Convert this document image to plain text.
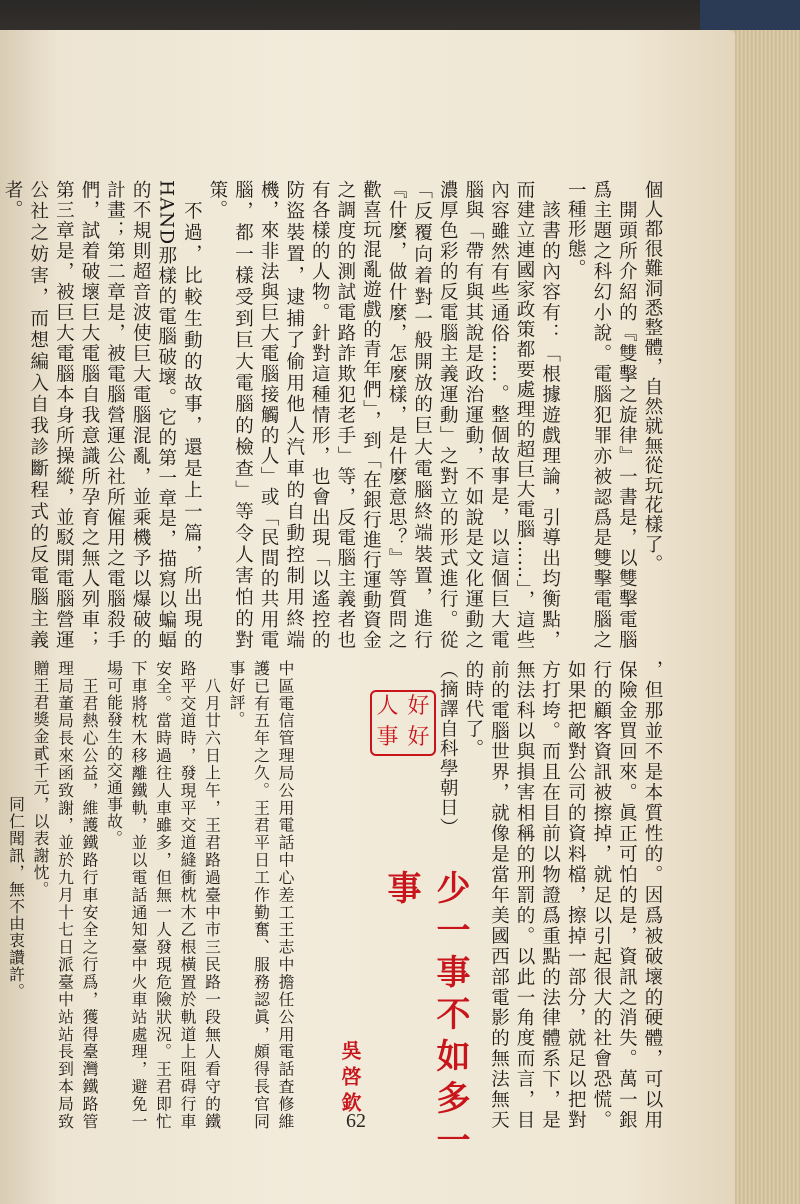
個人都很難洞悉整體，自然就無從玩花樣了。
　開頭所介紹的『雙擊之旋律』一書是，以雙擊電腦爲主題之科幻小說。電腦犯罪亦被認爲是雙擊電腦之一種形態。
　該書的內容有：「根據遊戲理論，引導出均衡點，而建立連國家政策都要處理的超巨大電腦……」，這些內容雖然有些通俗……。整個故事是，以這個巨大電腦與「帶有與其說是政治運動，不如說是文化運動之濃厚色彩的反電腦主義運動」之對立的形式進行。從「反覆向着對一般開放的巨大電腦終端裝置，進行『什麼，做什麼，怎麼樣，是什麼意思？』等質問之歡喜玩混亂遊戲的青年們」，到「在銀行進行運動資金之調度的測試電路詐欺犯老手」等，反電腦主義者也有各樣的人物。針對這種情形，也會出現「以遙控的防盜裝置，逮捕了偷用他人汽車的自動控制用終端機，來非法與巨大電腦接觸的人」或「民間的共用電腦，都一樣受到巨大電腦的檢查」等令人害怕的對策。
　不過，比較生動的故事，還是上一篇，所出現的HAND那樣的電腦破壞。它的第一章是，描寫以蝙蝠的不規則超音波使巨大電腦混亂，並乘機予以爆破的計畫；第二章是，被電腦營運公社所僱用之電腦殺手們，試着破壞巨大電腦自我意識所孕育之無人列車；第三章是，被巨大電腦本身所操縱，並駁開電腦營運公社之妨害，而想編入自我診斷程式的反電腦主義者。

，但那並不是本質性的。因爲被破壞的硬體，可以用保險金買回來。眞正可怕的是，資訊之消失。萬一銀行的顧客資訊被擦掉，就足以引起很大的社會恐慌。如果把敵對公司的資料檔，擦掉一部分，就足以把對方打垮。而且在目前以物證爲重點的法律體系下，是無法科以與損害相稱的刑罰的。以此一角度而言，目前的電腦世界，就像是當年美國西部電影的無法無天的時代了。
（摘譯自科學朝日）
人 好
事 好
少一事不如多一事
吳啓欽
中區電信管理局公用電話中心差工王志中擔任公用電話査修維護已有五年之久。王君平日工作勤奮、服務認眞，頗得長官同事好評。
　八月廿六日上午，王君路過臺中市三民路一段無人看守的鐵路平交道時，發現平交道縫衝枕木乙根橫置於軌道上阻碍行車安全。當時過往人車雖多，但無一人發現危險狀況。王君即忙下車將枕木移離鐵軌，並以電話通知臺中火車站處理，避免一場可能發生的交通事故。
　王君熱心公益，維護鐵路行車安全之行爲，獲得臺灣鐵路管理局董局長來函致謝，並於九月十七日派臺中站站長到本局致贈王君獎金貳千元，以表謝忱。
　　　　　　　　同仁聞訊，無不由衷讚許。
62
